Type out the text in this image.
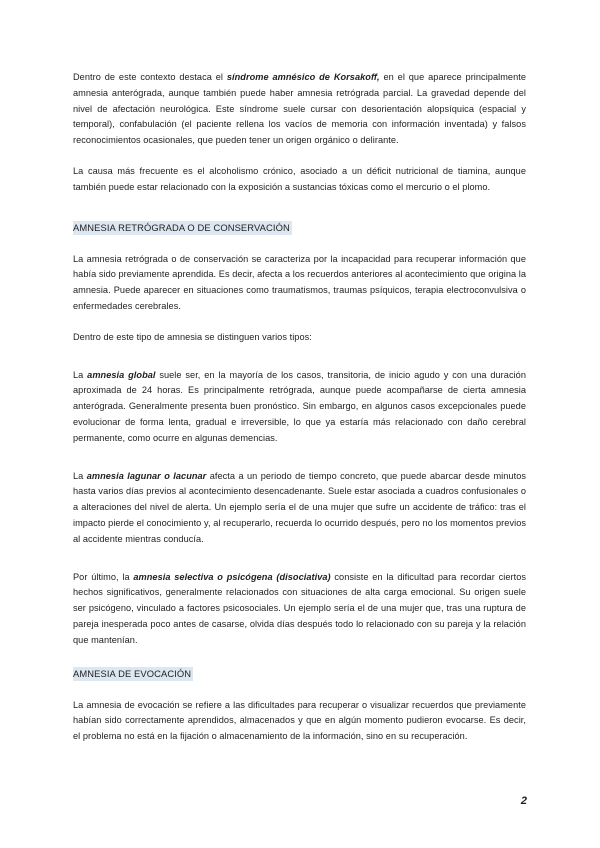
Dentro de este contexto destaca el síndrome amnésico de Korsakoff, en el que aparece principalmente amnesia anterógrada, aunque también puede haber amnesia retrógrada parcial. La gravedad depende del nivel de afectación neurológica. Este síndrome suele cursar con desorientación alopsíquica (espacial y temporal), confabulación (el paciente rellena los vacíos de memoria con información inventada) y falsos reconocimientos ocasionales, que pueden tener un origen orgánico o delirante.

La causa más frecuente es el alcoholismo crónico, asociado a un déficit nutricional de tiamina, aunque también puede estar relacionado con la exposición a sustancias tóxicas como el mercurio o el plomo.

AMNESIA RETRÓGRADA O DE CONSERVACIÓN

La amnesia retrógrada o de conservación se caracteriza por la incapacidad para recuperar información que había sido previamente aprendida. Es decir, afecta a los recuerdos anteriores al acontecimiento que origina la amnesia. Puede aparecer en situaciones como traumatismos, traumas psíquicos, terapia electroconvulsiva o enfermedades cerebrales.

Dentro de este tipo de amnesia se distinguen varios tipos:

La amnesia global suele ser, en la mayoría de los casos, transitoria, de inicio agudo y con una duración aproximada de 24 horas. Es principalmente retrógrada, aunque puede acompañarse de cierta amnesia anterógrada. Generalmente presenta buen pronóstico. Sin embargo, en algunos casos excepcionales puede evolucionar de forma lenta, gradual e irreversible, lo que ya estaría más relacionado con daño cerebral permanente, como ocurre en algunas demencias.

La amnesia lagunar o lacunar afecta a un periodo de tiempo concreto, que puede abarcar desde minutos hasta varios días previos al acontecimiento desencadenante. Suele estar asociada a cuadros confusionales o a alteraciones del nivel de alerta. Un ejemplo sería el de una mujer que sufre un accidente de tráfico: tras el impacto pierde el conocimiento y, al recuperarlo, recuerda lo ocurrido después, pero no los momentos previos al accidente mientras conducía.

Por último, la amnesia selectiva o psicógena (disociativa) consiste en la dificultad para recordar ciertos hechos significativos, generalmente relacionados con situaciones de alta carga emocional. Su origen suele ser psicógeno, vinculado a factores psicosociales. Un ejemplo sería el de una mujer que, tras una ruptura de pareja inesperada poco antes de casarse, olvida días después todo lo relacionado con su pareja y la relación que mantenían.

AMNESIA DE EVOCACIÓN

La amnesia de evocación se refiere a las dificultades para recuperar o visualizar recuerdos que previamente habían sido correctamente aprendidos, almacenados y que en algún momento pudieron evocarse. Es decir, el problema no está en la fijación o almacenamiento de la información, sino en su recuperación.

2
